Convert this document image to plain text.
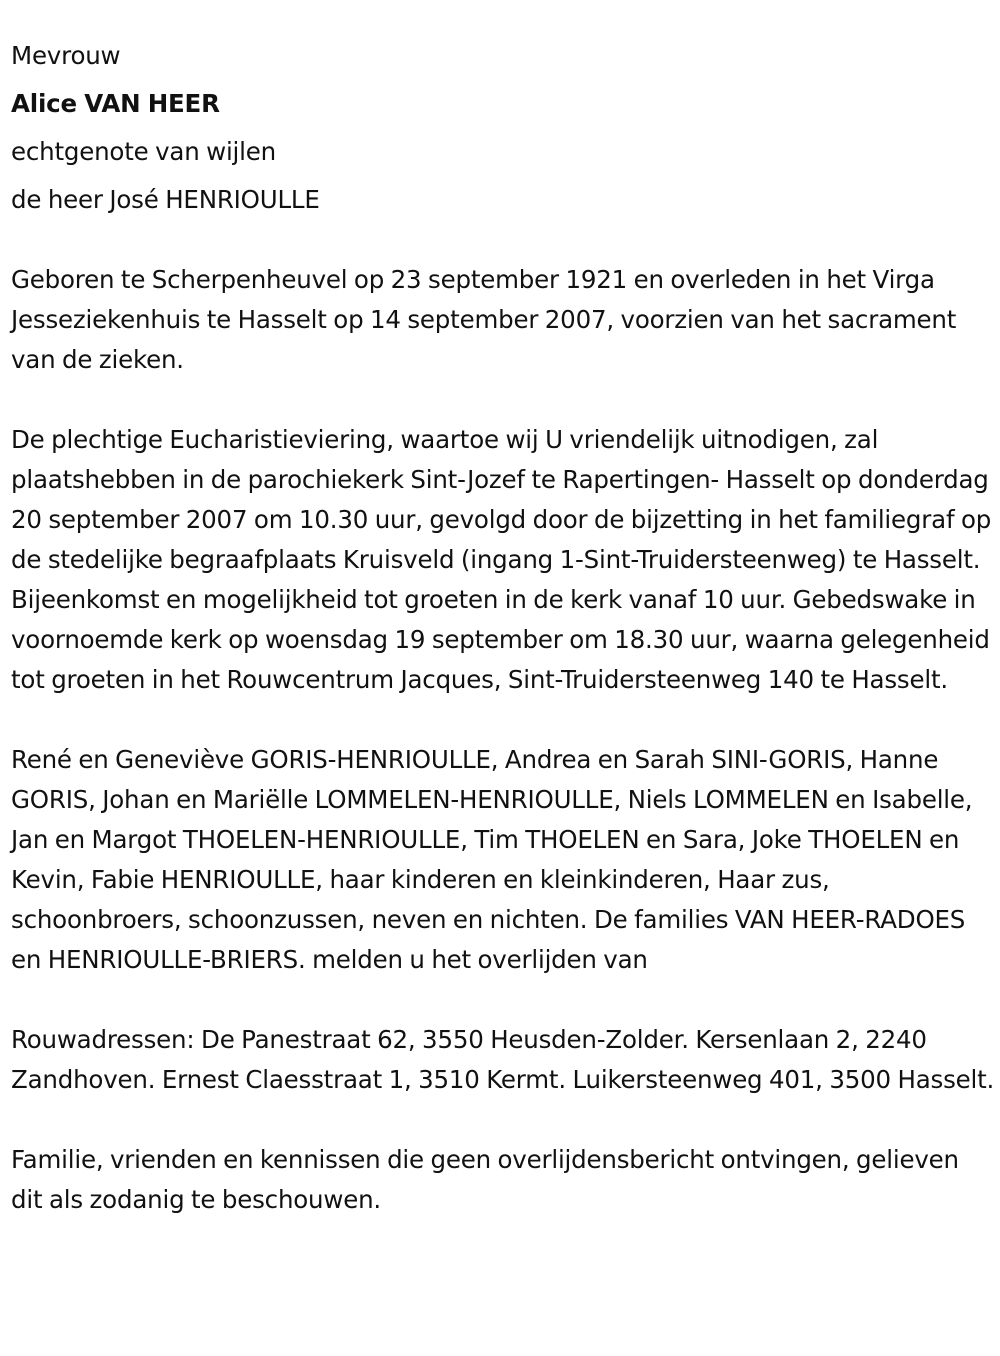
Mevrouw

Alice VAN HEER

echtgenote van wijlen

de heer José HENRIOULLE

Geboren te Scherpenheuvel op 23 september 1921 en overleden in het Virga Jesseziekenhuis te Hasselt op 14 september 2007, voorzien van het sacrament van de zieken.

De plechtige Eucharistieviering, waartoe wij U vriendelijk uitnodigen, zal plaatshebben in de parochiekerk Sint-Jozef te Rapertingen- Hasselt op donderdag 20 september 2007 om 10.30 uur, gevolgd door de bijzetting in het familiegraf op de stedelijke begraafplaats Kruisveld (ingang 1-Sint-Truidersteenweg) te Hasselt. Bijeenkomst en mogelijkheid tot groeten in de kerk vanaf 10 uur. Gebedswake in voornoemde kerk op woensdag 19 september om 18.30 uur, waarna gelegenheid tot groeten in het Rouwcentrum Jacques, Sint-Truidersteenweg 140 te Hasselt.

René en Geneviève GORIS-HENRIOULLE, Andrea en Sarah SINI-GORIS, Hanne GORIS, Johan en Mariëlle LOMMELEN-HENRIOULLE, Niels LOMMELEN en Isabelle, Jan en Margot THOELEN-HENRIOULLE, Tim THOELEN en Sara, Joke THOELEN en Kevin, Fabie HENRIOULLE, haar kinderen en kleinkinderen, Haar zus, schoonbroers, schoonzussen, neven en nichten. De families VAN HEER-RADOES en HENRIOULLE-BRIERS. melden u het overlijden van

Rouwadressen: De Panestraat 62, 3550 Heusden-Zolder. Kersenlaan 2, 2240 Zandhoven. Ernest Claesstraat 1, 3510 Kermt. Luikersteenweg 401, 3500 Hasselt.

Familie, vrienden en kennissen die geen overlijdensbericht ontvingen, gelieven dit als zodanig te beschouwen.
